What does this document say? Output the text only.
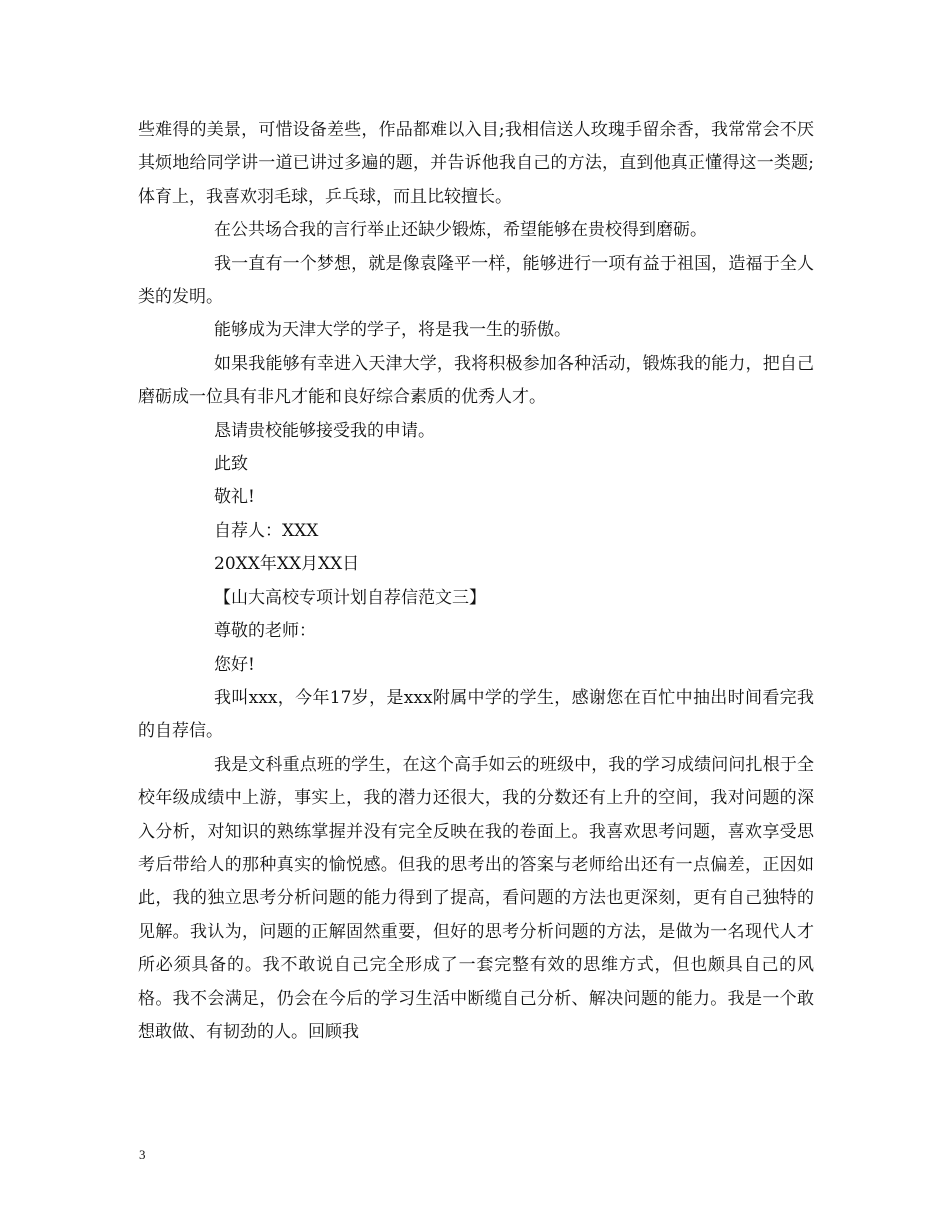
些难得的美景，可惜设备差些，作品都难以入目;我相信送人玫瑰手留余香，我常常会不厌其烦地给同学讲一道已讲过多遍的题，并告诉他我自己的方法，直到他真正懂得这一类题;体育上，我喜欢羽毛球，乒乓球，而且比较擅长。

在公共场合我的言行举止还缺少锻炼，希望能够在贵校得到磨砺。

我一直有一个梦想，就是像袁隆平一样，能够进行一项有益于祖国，造福于全人类的发明。

能够成为天津大学的学子，将是我一生的骄傲。

如果我能够有幸进入天津大学，我将积极参加各种活动，锻炼我的能力，把自己磨砺成一位具有非凡才能和良好综合素质的优秀人才。

恳请贵校能够接受我的申请。
此致
敬礼!
自荐人：XXX
20XX年XX月XX日
【山大高校专项计划自荐信范文三】
尊敬的老师：
您好!

我叫xxx，今年17岁，是xxx附属中学的学生，感谢您在百忙中抽出时间看完我的自荐信。

我是文科重点班的学生，在这个高手如云的班级中，我的学习成绩问问扎根于全校年级成绩中上游，事实上，我的潜力还很大，我的分数还有上升的空间，我对问题的深入分析，对知识的熟练掌握并没有完全反映在我的卷面上。我喜欢思考问题，喜欢享受思考后带给人的那种真实的愉悦感。但我的思考出的答案与老师给出还有一点偏差，正因如此，我的独立思考分析问题的能力得到了提高，看问题的方法也更深刻，更有自己独特的见解。我认为，问题的正解固然重要，但好的思考分析问题的方法，是做为一名现代人才所必须具备的。我不敢说自己完全形成了一套完整有效的思维方式，但也颇具自己的风格。我不会满足，仍会在今后的学习生活中断缆自己分析、解决问题的能力。我是一个敢想敢做、有韧劲的人。回顾我

3
